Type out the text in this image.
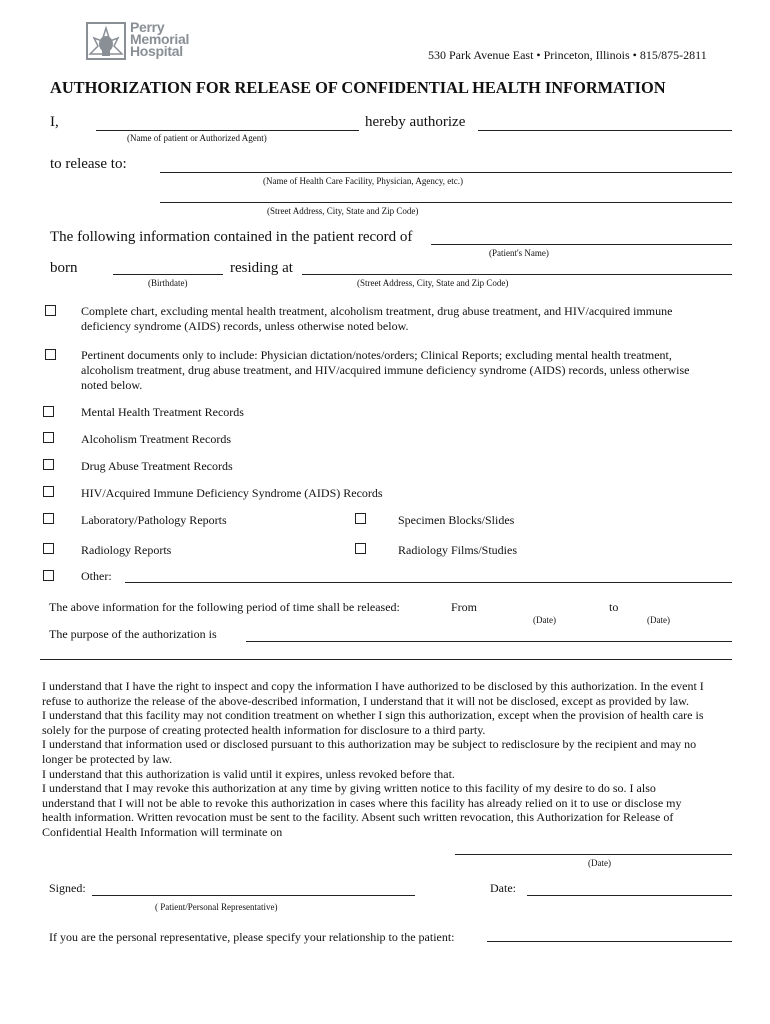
Perry
Memorial
Hospital	530 Park Avenue East • Princeton, Illinois • 815/875-2811
AUTHORIZATION FOR RELEASE OF CONFIDENTIAL HEALTH INFORMATION
I,
(Name of patient or Authorized Agent)
hereby authorize
to release to:
(Name of Health Care Facility, Physician, Agency, etc.)
(Street Address, City, State and Zip Code)
The following information contained in the patient record of
(Patient's Name)
born
(Birthdate)
residing at
(Street Address, City, State and Zip Code)
Complete chart, excluding mental health treatment, alcoholism treatment, drug abuse treatment, and HIV/acquired immune
deficiency syndrome (AIDS) records, unless otherwise noted below.
Pertinent documents only to include: Physician dictation/notes/orders; Clinical Reports; excluding mental health treatment,
alcoholism treatment, drug abuse treatment, and HIV/acquired immune deficiency syndrome (AIDS) records, unless otherwise
noted below.
Mental Health Treatment Records
Alcoholism Treatment Records
Drug Abuse Treatment Records
HIV/Acquired Immune Deficiency Syndrome (AIDS) Records
Laboratory/Pathology Reports	Specimen Blocks/Slides
Radiology Reports	Radiology Films/Studies
Other:
The above information for the following period of time shall be released:	From
(Date)
to
(Date)
The purpose of the authorization is

I understand that I have the right to inspect and copy the information I have authorized to be disclosed by this authorization. In the event I refuse to authorize the release of the above-described information, I understand that it will not be disclosed, except as provided by law.

I understand that this facility may not condition treatment on whether I sign this authorization, except when the provision of health care is solely for the purpose of creating protected health information for disclosure to a third party.

I understand that information used or disclosed pursuant to this authorization may be subject to redisclosure by the recipient and may no longer be protected by law.

I understand that this authorization is valid until it expires, unless revoked before that.

I understand that I may revoke this authorization at any time by giving written notice to this facility of my desire to do so. I also understand that I will not be able to revoke this authorization in cases where this facility has already relied on it to use or disclose my health information. Written revocation must be sent to the facility. Absent such written revocation, this Authorization for Release of Confidential Health Information will terminate on

(Date)
Signed:
( Patient/Personal Representative)
Date:
If you are the personal representative, please specify your relationship to the patient:
